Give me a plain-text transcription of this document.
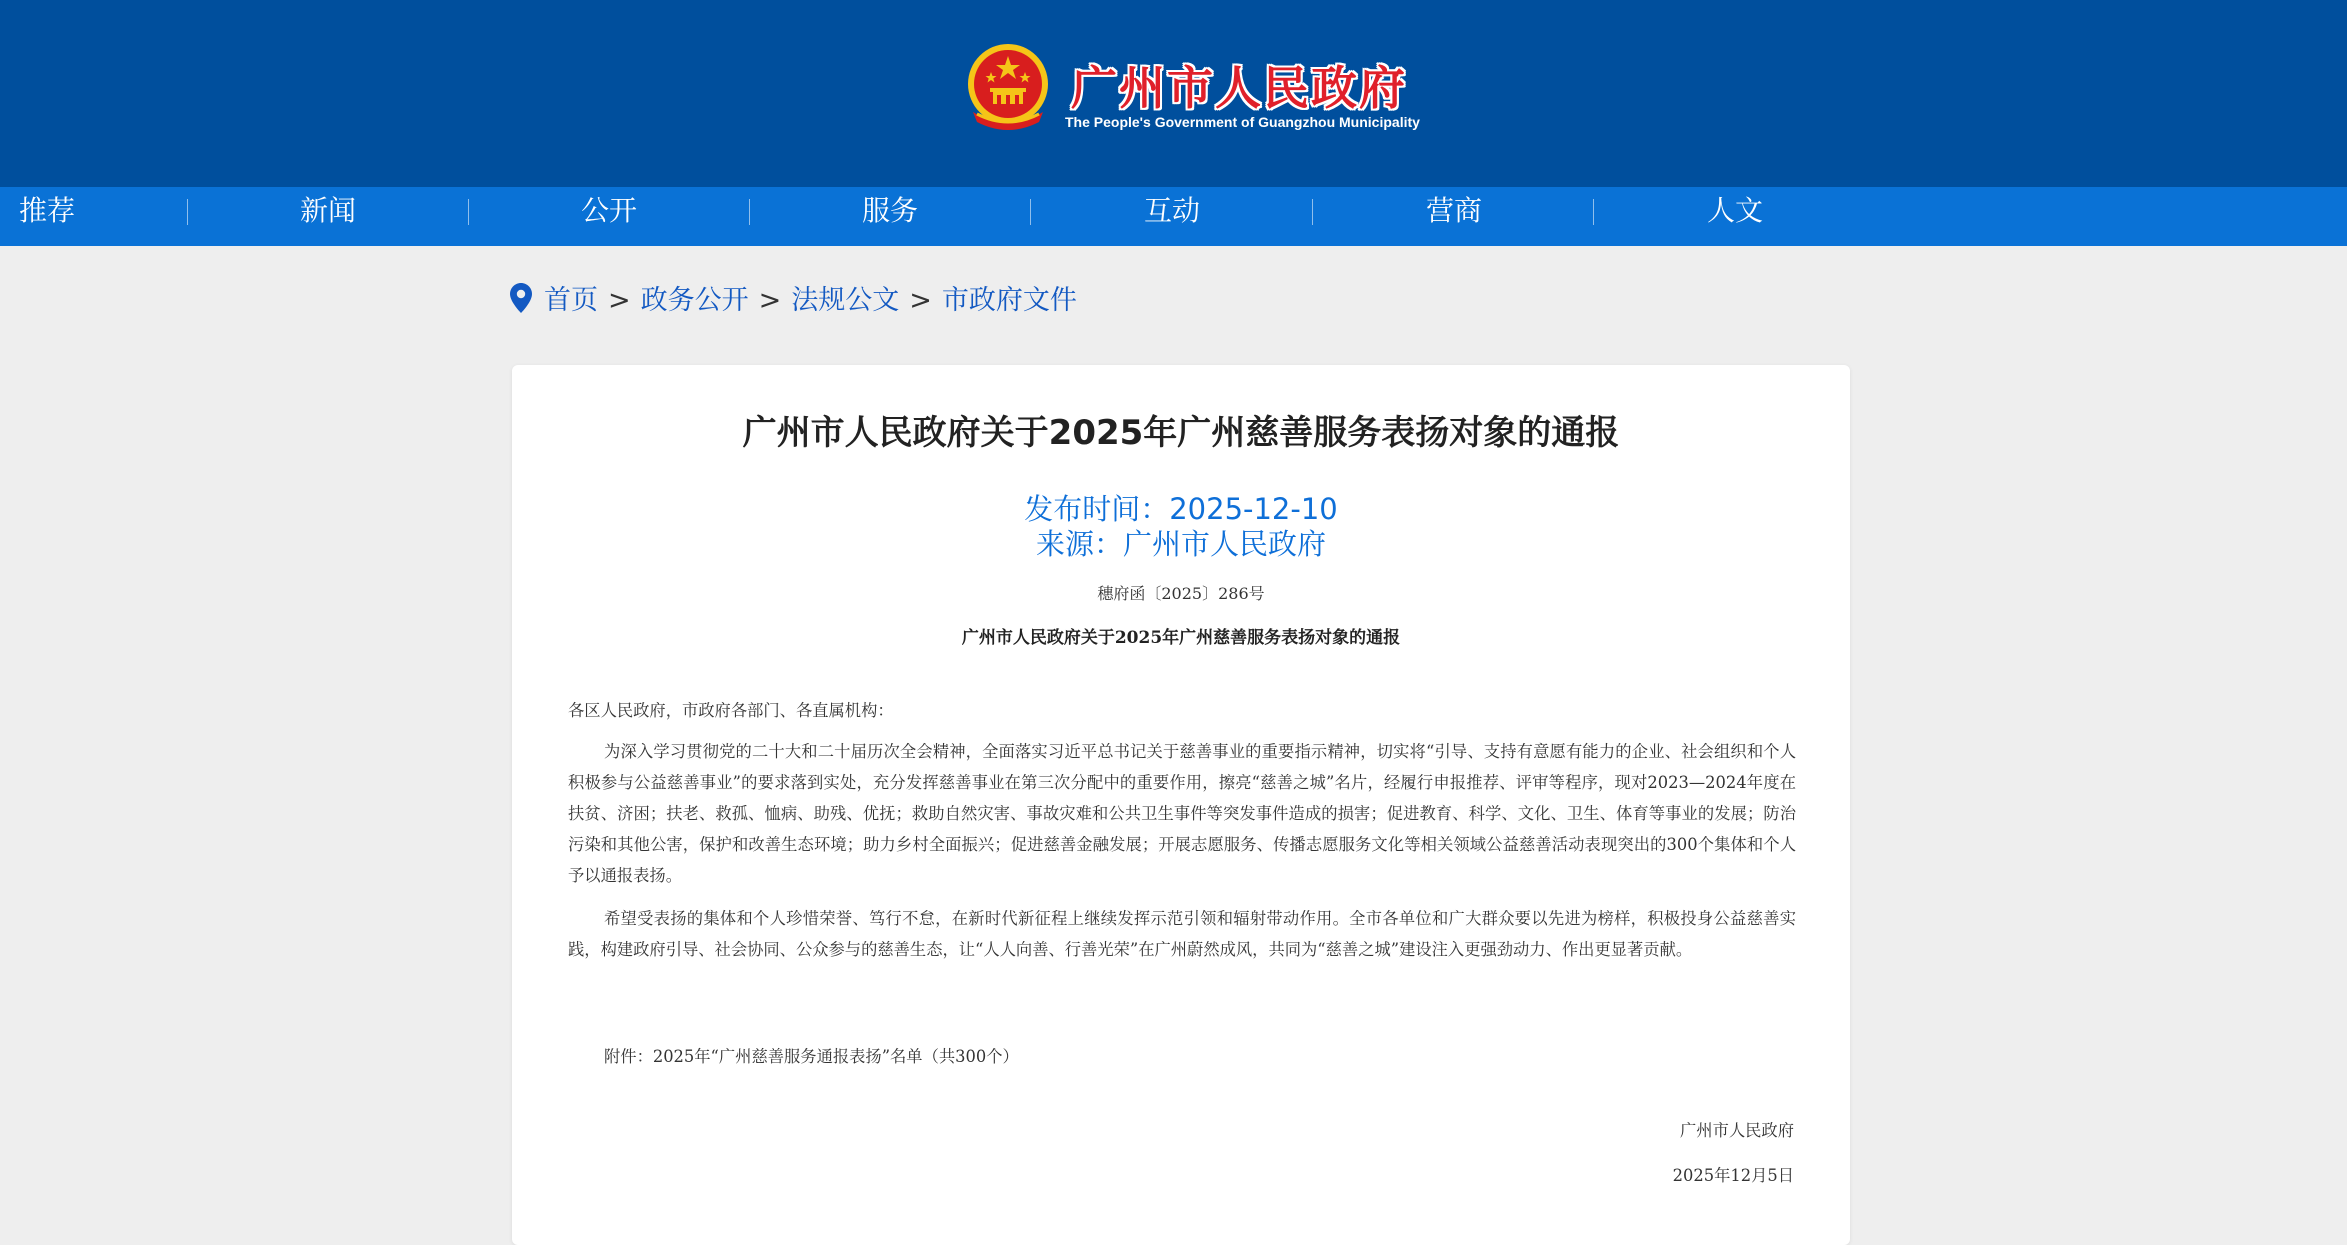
广州市人民政府
The People's Government of Guangzhou Municipality
推荐	新闻	公开	服务	互动	营商	人文
首页 > 政务公开 > 法规公文 > 市政府文件
广州市人民政府关于2025年广州慈善服务表扬对象的通报
发布时间：2025-12-10
来源：广州市人民政府
穗府函〔2025〕286号
广州市人民政府关于2025年广州慈善服务表扬对象的通报

各区人民政府，市政府各部门、各直属机构：

为深入学习贯彻党的二十大和二十届历次全会精神，全面落实习近平总书记关于慈善事业的重要指示精神，切实将“引导、支持有意愿有能力的企业、社会组织和个人积极参与公益慈善事业”的要求落到实处，充分发挥慈善事业在第三次分配中的重要作用，擦亮“慈善之城”名片，经履行申报推荐、评审等程序，现对2023—2024年度在扶贫、济困；扶老、救孤、恤病、助残、优抚；救助自然灾害、事故灾难和公共卫生事件等突发事件造成的损害；促进教育、科学、文化、卫生、体育等事业的发展；防治污染和其他公害，保护和改善生态环境；助力乡村全面振兴；促进慈善金融发展；开展志愿服务、传播志愿服务文化等相关领域公益慈善活动表现突出的300个集体和个人予以通报表扬。

希望受表扬的集体和个人珍惜荣誉、笃行不怠，在新时代新征程上继续发挥示范引领和辐射带动作用。全市各单位和广大群众要以先进为榜样，积极投身公益慈善实践，构建政府引导、社会协同、公众参与的慈善生态，让“人人向善、行善光荣”在广州蔚然成风，共同为“慈善之城”建设注入更强劲动力、作出更显著贡献。

附件：2025年“广州慈善服务通报表扬”名单（共300个）

广州市人民政府
2025年12月5日
